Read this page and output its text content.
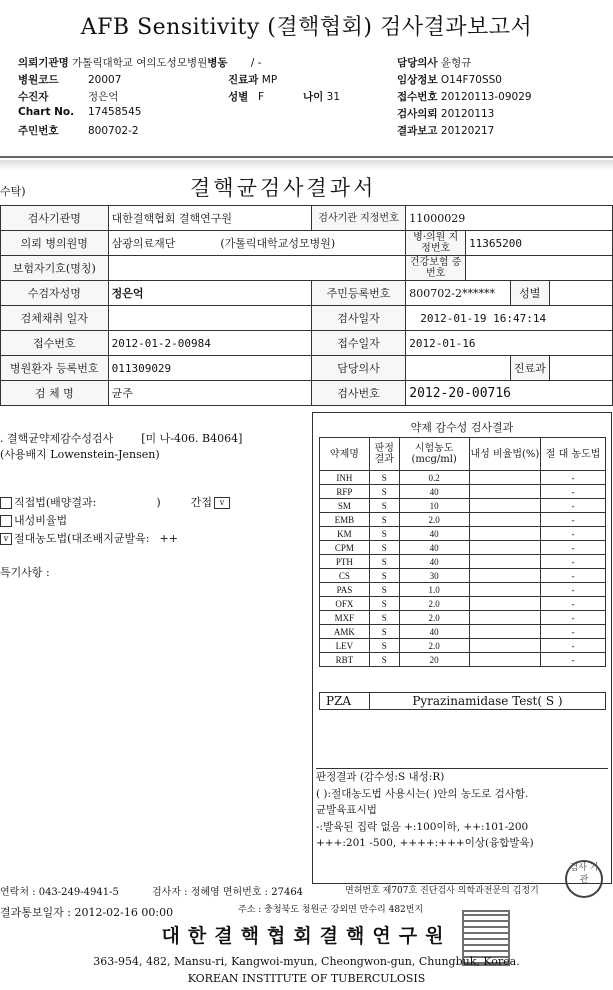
AFB Sensitivity (결핵협회) 검사결과보고서
의뢰기관명 가톨릭대학교 여의도성모병원병동 / -
병원코드	20007	진료과 MP
수진자	정은억	성별 F	나이 31
Chart No. 17458545
주민번호	800702-2
담당의사 윤형규
임상정보 O14F70SS0
접수번호 20120113-09029
검사의뢰 20120113
결과보고 20120217
수탁)	결핵균검사결과서
검사기관명	대한결핵협회 결핵연구원	검사기관 지정번호	11000029			
의뢰 병의원명	삼광의료재단 (가톨릭대학교성모병원)		병·의원 지정번호	11365200		
보험자기호(명칭)			건강보험 증번호			
수검자성명	정은억	주민등록번호	800702-2******		성별	
검체채취 일자		검사일자	2012-01-19 16:47:14			
접수번호	2012-01-2-00984	접수일자	2012-01-16			
병원환자 등록번호	011309029	담당의사			진료과	
검 체 명	균주	검사번호	2012-20-00716			
. 결핵균약제감수성검사	[미 나-406. B4064]
(사용배지 Lowenstein-Jensen)
직접법(배양결과:	)	간접 v
내성비율법
v 절대농도법(대조배지균발육: ++
특기사항 :
약제 감수성 검사결과
약제명	판정 결과	시험농도 (mcg/ml)	내성 비율법(%)	절 대 농도법
INH	S	0.2		-
RFP	S	40		-
SM	S	10		-
EMB	S	2.0		-
KM	S	40		-
CPM	S	40		-
PTH	S	40		-
CS	S	30		-
PAS	S	1.0		-
OFX	S	2.0		-
MXF	S	2.0		-
AMK	S	40		-
LEV	S	2.0		-
RBT	S	20		-
PZA	Pyrazinamidase Test( S )
판정결과 (감수성:S 내성:R)
( ):절대농도법 사용시는( )안의 농도로 검사함.
균발육표시법
-:발육된 집락 없음 +:100이하, ++:101-200
+++:201 -500, ++++:+++이상(융합발육)
연락처 : 043-249-4941-5	검사자 : 정혜영 면허번호 : 27464	면허번호 제707호 진단검사 의학과전문의 김정기
결과통보일자 : 2012-02-16 00:00	주소 : 충청북도 청원군 강외면 만수리 482번지
검사 기관
대한결핵협회결핵연구원
363-954, 482, Mansu-ri, Kangwoi-myun, Cheongwon-gun, Chungbuk, Korea.
KOREAN INSTITUTE OF TUBERCULOSIS
